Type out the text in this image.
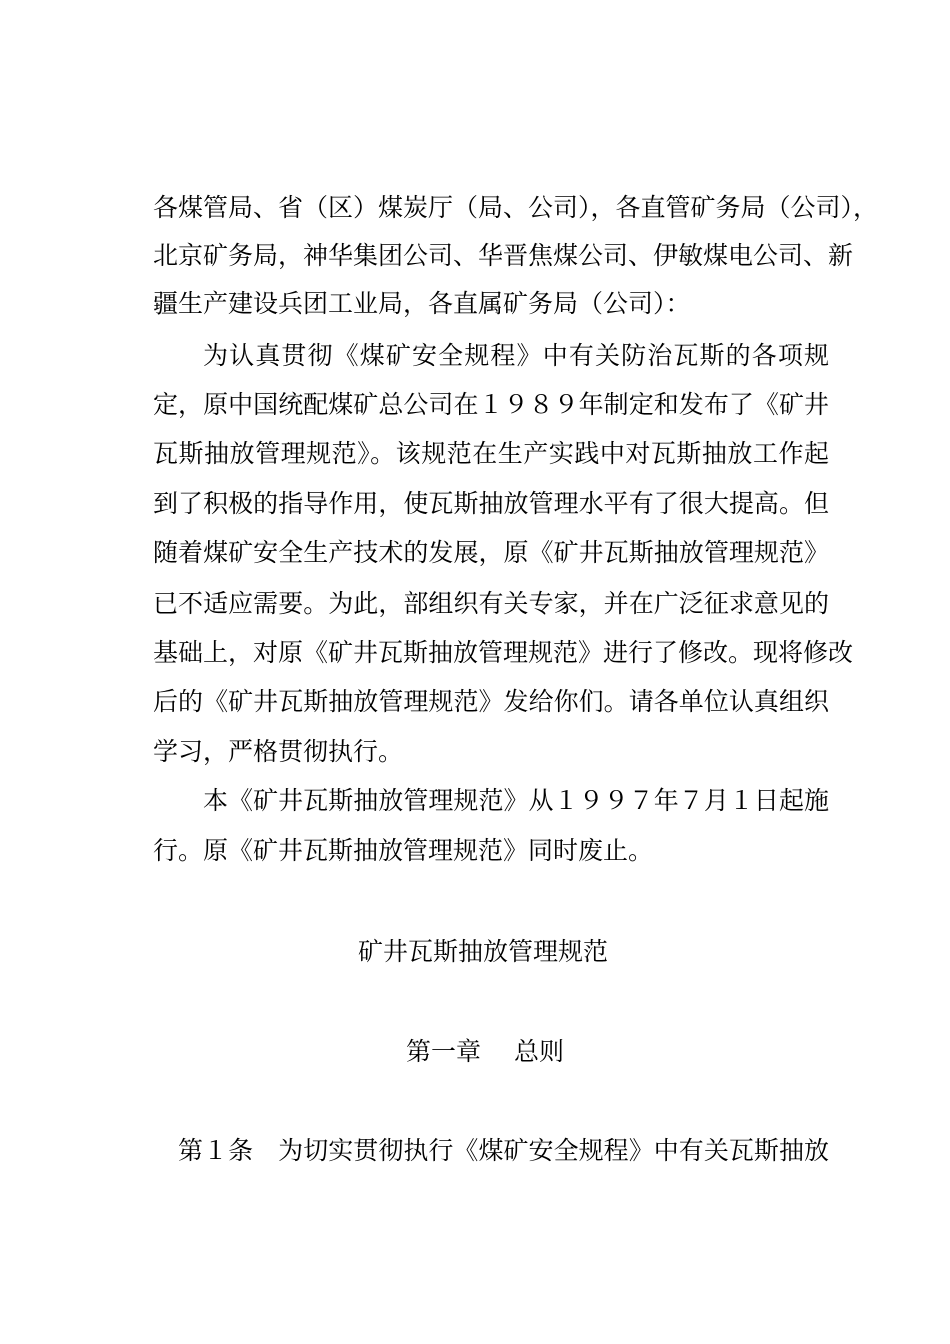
各煤管局、省（区）煤炭厅（局、公司），各直管矿务局（公司），
北京矿务局，神华集团公司、华晋焦煤公司、伊敏煤电公司、新
疆生产建设兵团工业局，各直属矿务局（公司）：
为认真贯彻《煤矿安全规程》中有关防治瓦斯的各项规
定，原中国统配煤矿总公司在１９８９年制定和发布了《矿井
瓦斯抽放管理规范》。该规范在生产实践中对瓦斯抽放工作起
到了积极的指导作用，使瓦斯抽放管理水平有了很大提高。但
随着煤矿安全生产技术的发展，原《矿井瓦斯抽放管理规范》
已不适应需要。为此，部组织有关专家，并在广泛征求意见的
基础上，对原《矿井瓦斯抽放管理规范》进行了修改。现将修改
后的《矿井瓦斯抽放管理规范》发给你们。请各单位认真组织
学习，严格贯彻执行。
本《矿井瓦斯抽放管理规范》从１９９７年７月１日起施
行。原《矿井瓦斯抽放管理规范》同时废止。
矿井瓦斯抽放管理规范
第一章　 总则
第１条　为切实贯彻执行《煤矿安全规程》中有关瓦斯抽放
